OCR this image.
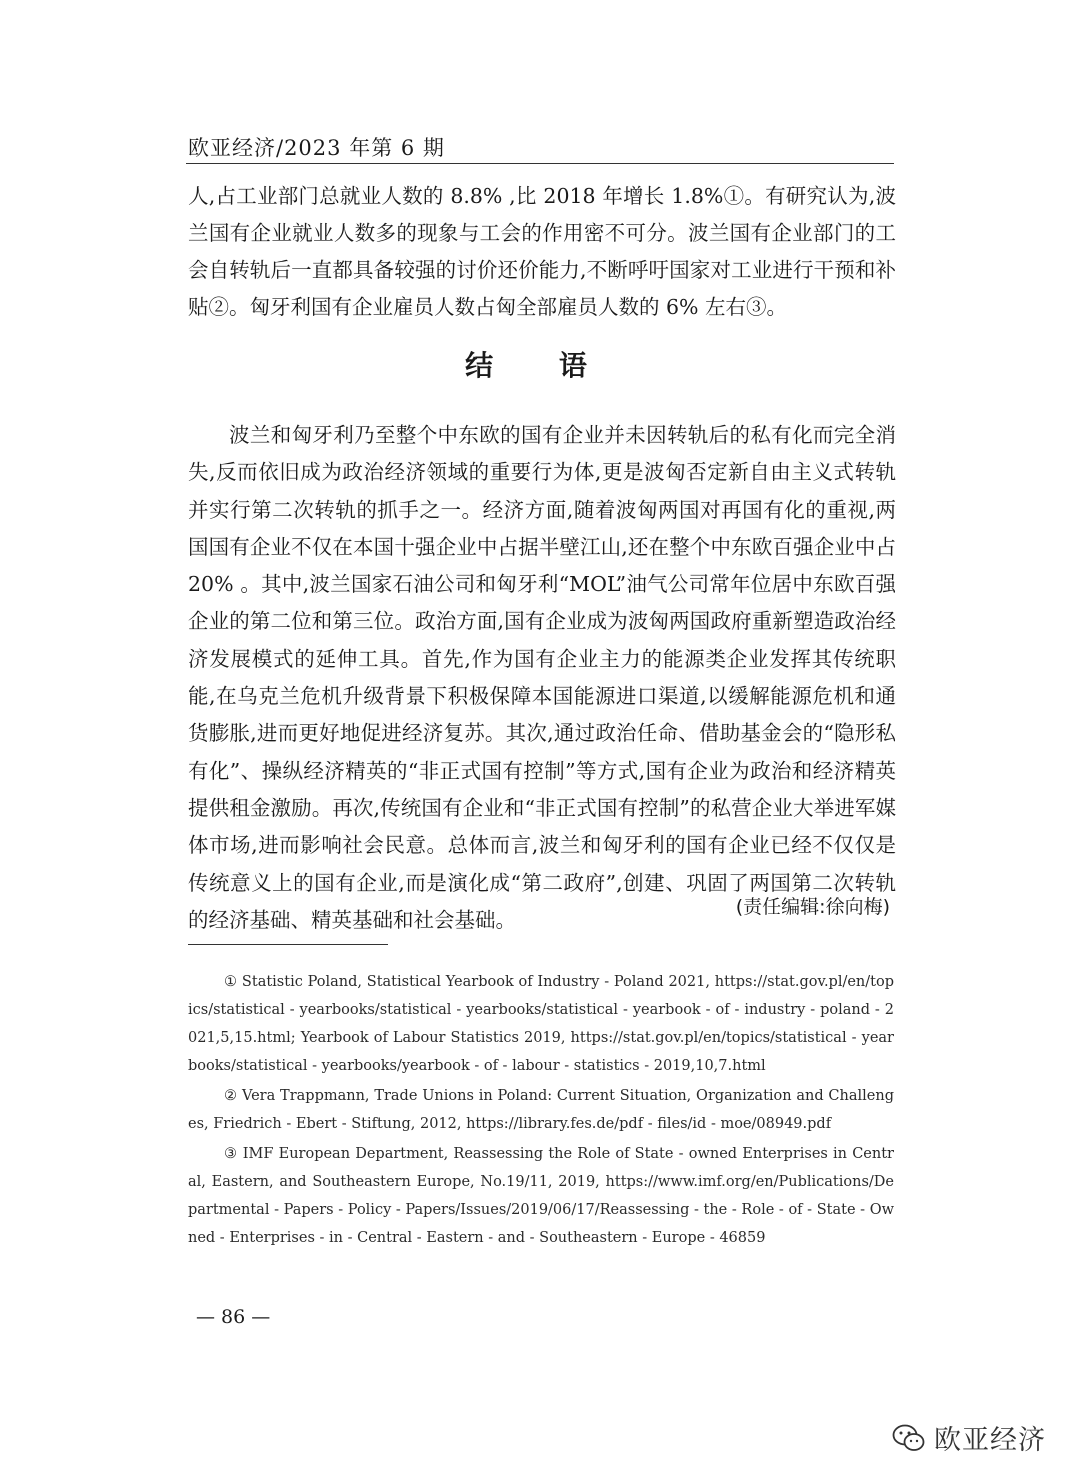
欧亚经济/2023 年第 6 期

人,占工业部门总就业人数的 8.8% ,比 2018 年增长 1.8%①。有研究认为,波兰国有企业就业人数多的现象与工会的作用密不可分。波兰国有企业部门的工会自转轨后一直都具备较强的讨价还价能力,不断呼吁国家对工业进行干预和补贴②。匈牙利国有企业雇员人数占匈全部雇员人数的 6% 左右③。

结 语

波兰和匈牙利乃至整个中东欧的国有企业并未因转轨后的私有化而完全消失,反而依旧成为政治经济领域的重要行为体,更是波匈否定新自由主义式转轨并实行第二次转轨的抓手之一。经济方面,随着波匈两国对再国有化的重视,两国国有企业不仅在本国十强企业中占据半壁江山,还在整个中东欧百强企业中占 20% 。其中,波兰国家石油公司和匈牙利“MOL”油气公司常年位居中东欧百强企业的第二位和第三位。政治方面,国有企业成为波匈两国政府重新塑造政治经济发展模式的延伸工具。首先,作为国有企业主力的能源类企业发挥其传统职能,在乌克兰危机升级背景下积极保障本国能源进口渠道,以缓解能源危机和通货膨胀,进而更好地促进经济复苏。其次,通过政治任命、借助基金会的“隐形私有化”、操纵经济精英的“非正式国有控制”等方式,国有企业为政治和经济精英提供租金激励。再次,传统国有企业和“非正式国有控制”的私营企业大举进军媒体市场,进而影响社会民意。总体而言,波兰和匈牙利的国有企业已经不仅仅是传统意义上的国有企业,而是演化成“第二政府”,创建、巩固了两国第二次转轨的经济基础、精英基础和社会基础。

(责任编辑:徐向梅)

① Statistic Poland, Statistical Yearbook of Industry - Poland 2021, https://stat.gov.pl/en/topics/statistical - yearbooks/statistical - yearbooks/statistical - yearbook - of - industry - poland - 2021,5,15.html; Yearbook of Labour Statistics 2019, https://stat.gov.pl/en/topics/statistical - yearbooks/statistical - yearbooks/yearbook - of - labour - statistics - 2019,10,7.html

② Vera Trappmann, Trade Unions in Poland: Current Situation, Organization and Challenges, Friedrich - Ebert - Stiftung, 2012, https://library.fes.de/pdf - files/id - moe/08949.pdf

③ IMF European Department, Reassessing the Role of State - owned Enterprises in Central, Eastern, and Southeastern Europe, No.19/11, 2019, https://www.imf.org/en/Publications/Departmental - Papers - Policy - Papers/Issues/2019/06/17/Reassessing - the - Role - of - State - Owned - Enterprises - in - Central - Eastern - and - Southeastern - Europe - 46859

— 86 —
欧亚经济
